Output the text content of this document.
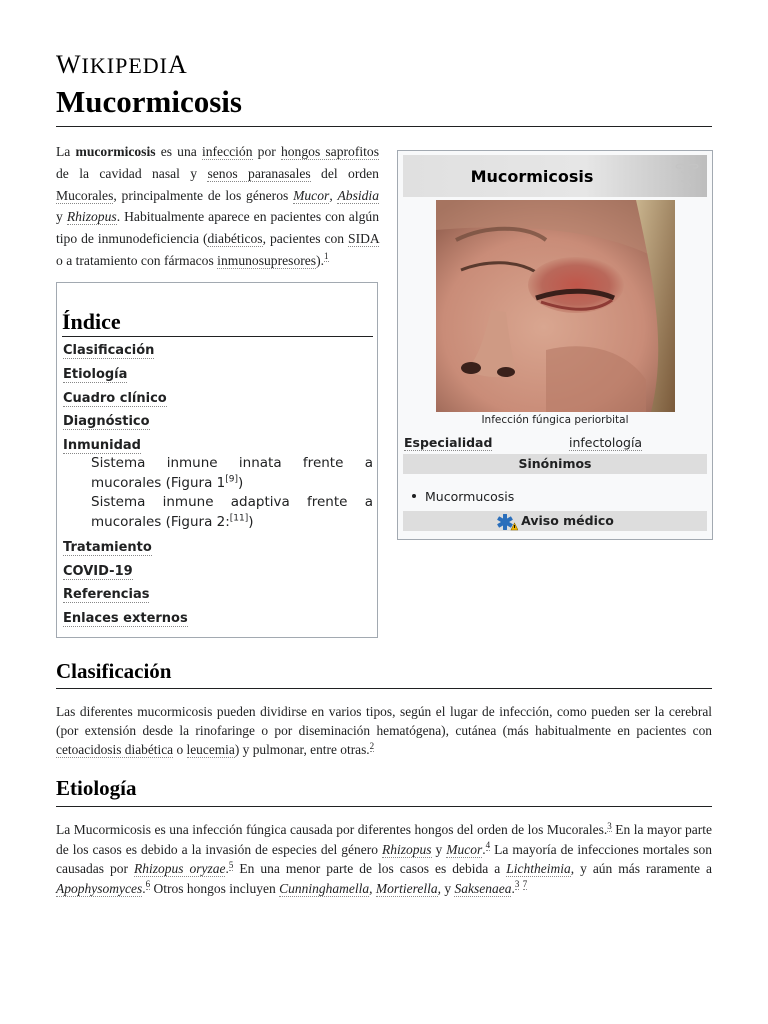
WIKIPEDIA
Mucormicosis
La mucormicosis es una infección por hongos saprofitos de la cavidad nasal y senos paranasales del orden Mucorales, principalmente de los géneros Mucor, Absidia y Rhizopus. Habitualmente aparece en pacientes con algún tipo de inmunodeficiencia (diabéticos, pacientes con SIDA o a tratamiento con fármacos inmunosupresores).$^1$
Índice
Clasificación
Etiología
Cuadro clínico
Diagnóstico
Inmunidad
Sistema inmune innata frente a
mucorales (Figura 1[9])
Sistema inmune adaptiva frente a
mucorales (Figura 2:[11])
Tratamiento
COVID-19
Referencias
Enlaces externos
Mucormicosis
Infección fúngica periorbital
Especialidad	infectología
Sinónimos
Mucormucosis
Aviso médico
Clasificación
Las diferentes mucormicosis pueden dividirse en varios tipos, según el lugar de infección, como pueden ser la cerebral (por extensión desde la rinofaringe o por diseminación hematógena), cutánea (más habitualmente en pacientes con cetoacidosis diabética o leucemia) y pulmonar, entre otras.$^2$
Etiología
La Mucormicosis es una infección fúngica causada por diferentes hongos del orden de los Mucorales.$^3$ En la mayor parte de los casos es debido a la invasión de especies del género Rhizopus y Mucor.$^4$ La mayoría de infecciones mortales son causadas por Rhizopus oryzae.$^5$ En una menor parte de los casos es debida a Lichtheimia, y aún más raramente a Apophysomyces.$^6$ Otros hongos incluyen Cunninghamella, Mortierella, y Saksenaea.$^3$ $^7$
